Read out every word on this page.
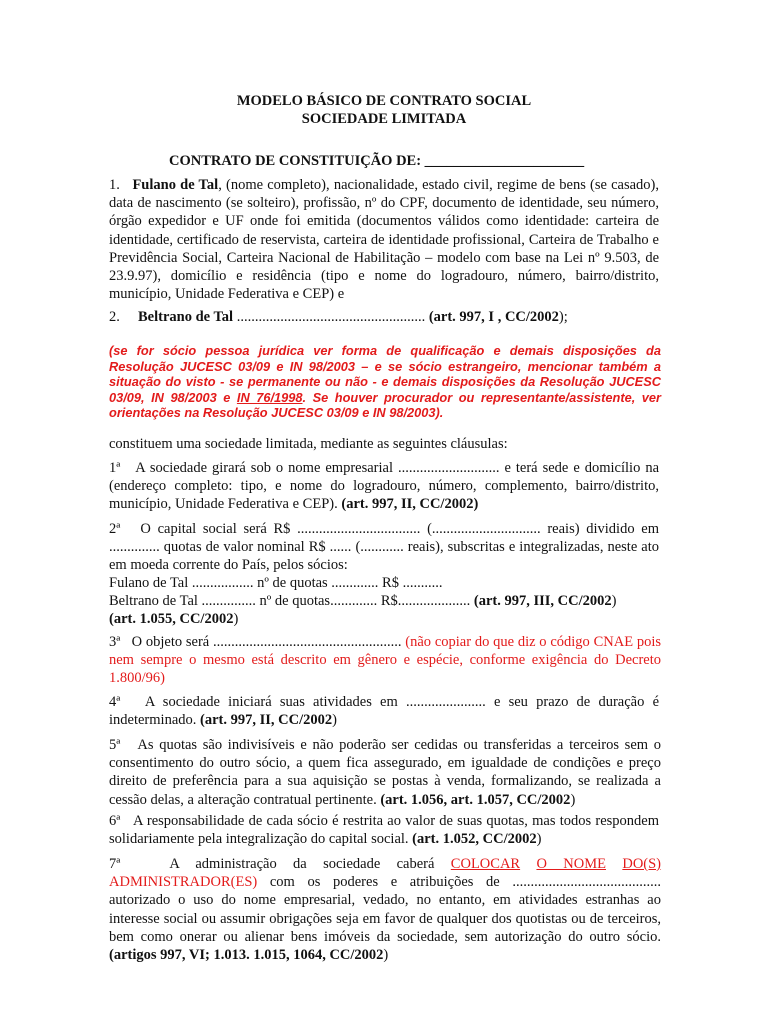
MODELO BÁSICO DE CONTRATO SOCIAL

SOCIEDADE LIMITADA

CONTRATO DE CONSTITUIÇÃO DE: ______________________

1. Fulano de Tal, (nome completo), nacionalidade, estado civil, regime de bens (se casado), data de nascimento (se solteiro), profissão, nº do CPF, documento de identidade, seu número, órgão expedidor e UF onde foi emitida (documentos válidos como identidade: carteira de identidade, certificado de reservista, carteira de identidade profissional, Carteira de Trabalho e Previdência Social, Carteira Nacional de Habilitação – modelo com base na Lei nº 9.503, de 23.9.97), domicílio e residência (tipo e nome do logradouro, número, bairro/distrito, município, Unidade Federativa e CEP) e

2. Beltrano de Tal .................................................... (art. 997, I , CC/2002);

(se for sócio pessoa jurídica ver forma de qualificação e demais disposições da Resolução JUCESC 03/09 e IN 98/2003 – e se sócio estrangeiro, mencionar também a situação do visto - se permanente ou não - e demais disposições da Resolução JUCESC 03/09, IN 98/2003 e IN 76/1998. Se houver procurador ou representante/assistente, ver orientações na Resolução JUCESC 03/09 e IN 98/2003).

constituem uma sociedade limitada, mediante as seguintes cláusulas:

1ª A sociedade girará sob o nome empresarial ............................ e terá sede e domicílio na (endereço completo: tipo, e nome do logradouro, número, complemento, bairro/distrito, município, Unidade Federativa e CEP). (art. 997, II, CC/2002)

2ª O capital social será R$ .................................. (.............................. reais) dividido em .............. quotas de valor nominal R$ ...... (............ reais), subscritas e integralizadas, neste ato em moeda corrente do País, pelos sócios:

Fulano de Tal ................. nº de quotas ............. R$ ...........

Beltrano de Tal ............... nº de quotas............. R$.................... (art. 997, III, CC/2002)
(art. 1.055, CC/2002)

3ª O objeto será .................................................... (não copiar do que diz o código CNAE pois nem sempre o mesmo está descrito em gênero e espécie, conforme exigência do Decreto 1.800/96)

4ª A sociedade iniciará suas atividades em ...................... e seu prazo de duração é indeterminado. (art. 997, II, CC/2002)

5ª As quotas são indivisíveis e não poderão ser cedidas ou transferidas a terceiros sem o consentimento do outro sócio, a quem fica assegurado, em igualdade de condições e preço direito de preferência para a sua aquisição se postas à venda, formalizando, se realizada a cessão delas, a alteração contratual pertinente. (art. 1.056, art. 1.057, CC/2002)

6ª A responsabilidade de cada sócio é restrita ao valor de suas quotas, mas todos respondem solidariamente pela integralização do capital social. (art. 1.052, CC/2002)

7ª	A administração da sociedade caberá COLOCAR O NOME DO(S) ADMINISTRADOR(ES) com os poderes e atribuições de ......................................... autorizado o uso do nome empresarial, vedado, no entanto, em atividades estranhas ao interesse social ou assumir obrigações seja em favor de qualquer dos quotistas ou de terceiros, bem como onerar ou alienar bens imóveis da sociedade, sem autorização do outro sócio. (artigos 997, VI; 1.013. 1.015, 1064, CC/2002)
